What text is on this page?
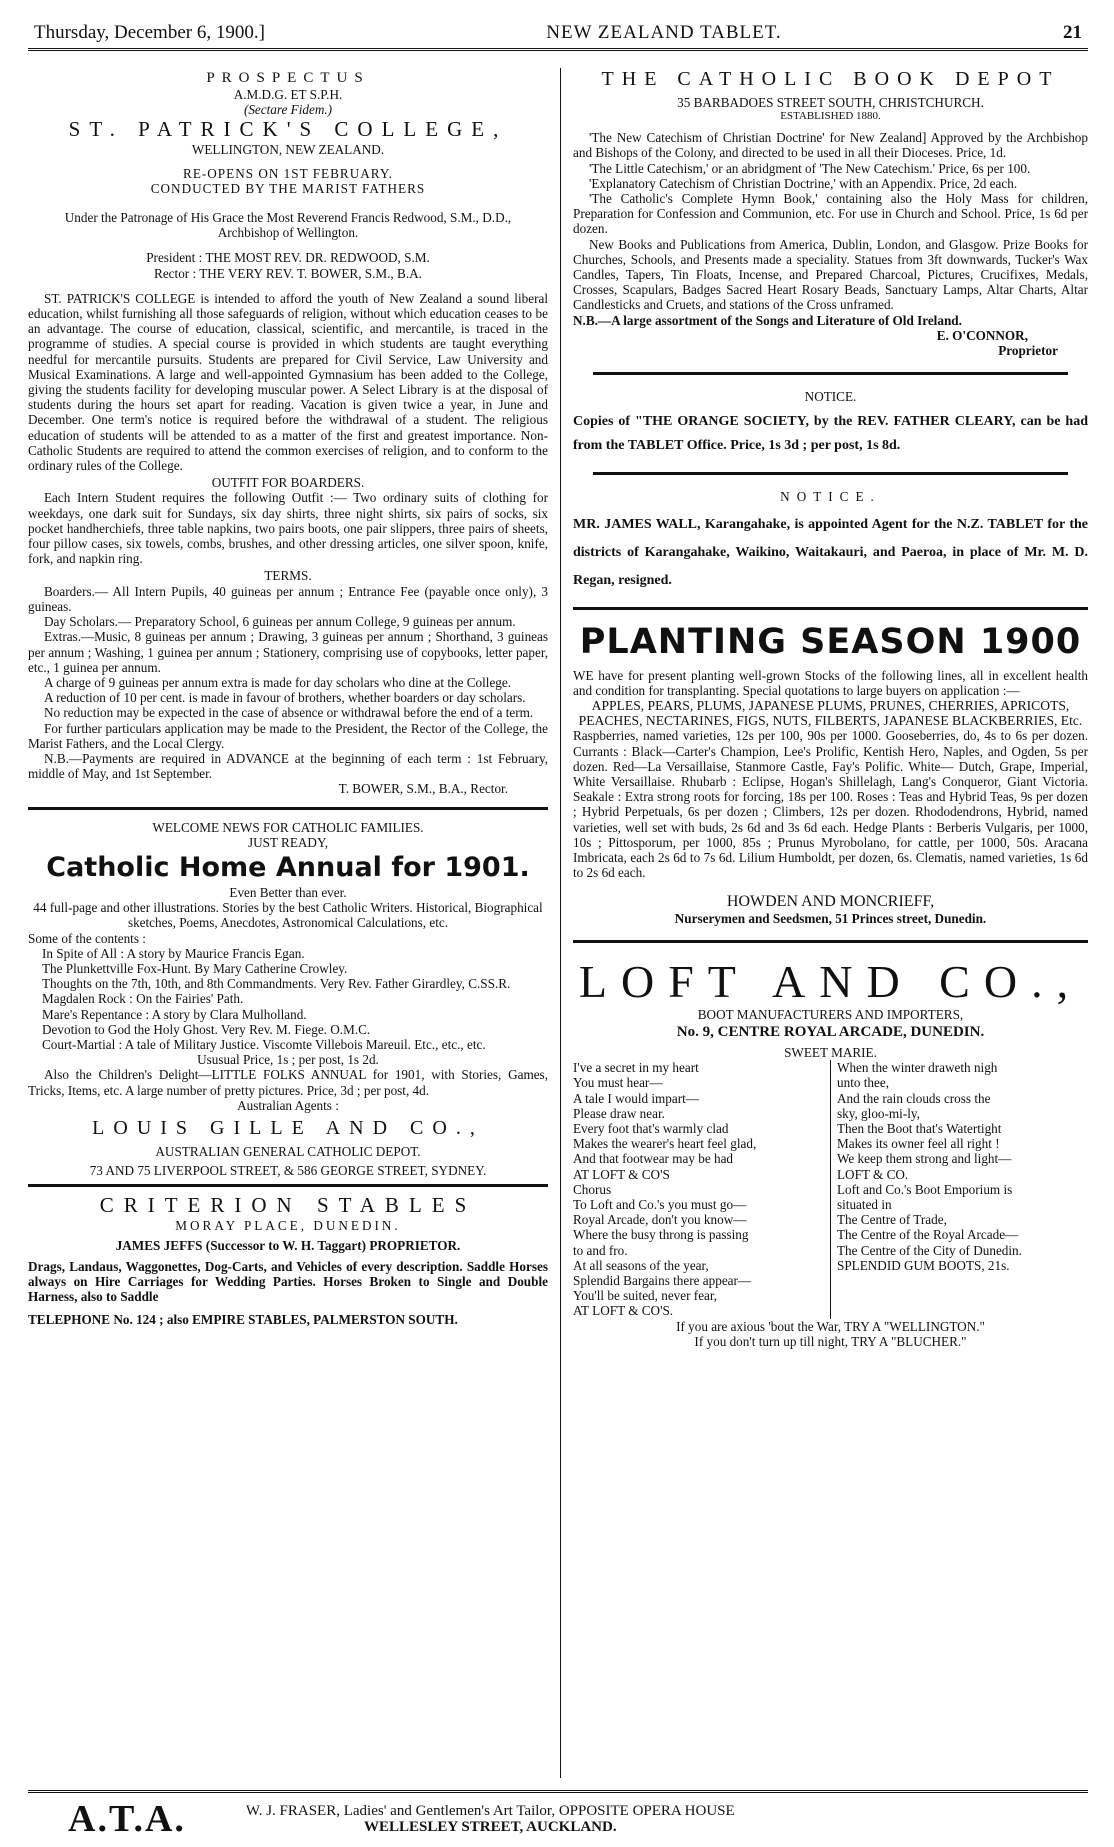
Thursday, December 6, 1900.]	NEW ZEALAND TABLET.	21

PROSPECTUS

A.M.D.G. ET S.P.H.

(Sectare Fidem.)

ST. PATRICK'S COLLEGE,

WELLINGTON, NEW ZEALAND.

RE-OPENS ON 1ST FEBRUARY.

CONDUCTED BY THE MARIST FATHERS

Under the Patronage of His Grace the Most Reverend Francis Redwood, S.M., D.D., Archbishop of Wellington.

President : THE MOST REV. DR. REDWOOD, S.M.

Rector : THE VERY REV. T. BOWER, S.M., B.A.

ST. PATRICK'S COLLEGE is intended to afford the youth of New Zealand a sound liberal education, whilst furnishing all those safeguards of religion, without which education ceases to be an advantage. The course of education, classical, scientific, and mercantile, is traced in the programme of studies. A special course is provided in which students are taught everything needful for mercantile pursuits. Students are prepared for Civil Service, Law University and Musical Examinations. A large and well-appointed Gymnasium has been added to the College, giving the students facility for developing muscular power. A Select Library is at the disposal of students during the hours set apart for reading. Vacation is given twice a year, in June and December. One term's notice is required before the withdrawal of a student. The religious education of students will be attended to as a matter of the first and greatest importance. Non-Catholic Students are required to attend the common exercises of religion, and to conform to the ordinary rules of the College.

OUTFIT FOR BOARDERS.

Each Intern Student requires the following Outfit :— Two ordinary suits of clothing for weekdays, one dark suit for Sundays, six day shirts, three night shirts, six pairs of socks, six pocket handherchiefs, three table napkins, two pairs boots, one pair slippers, three pairs of sheets, four pillow cases, six towels, combs, brushes, and other dressing articles, one silver spoon, knife, fork, and napkin ring.

TERMS.

Boarders.— All Intern Pupils, 40 guineas per annum ; Entrance Fee (payable once only), 3 guineas.

Day Scholars.— Preparatory School, 6 guineas per annum College, 9 guineas per annum.

Extras.—Music, 8 guineas per annum ; Drawing, 3 guineas per annum ; Shorthand, 3 guineas per annum ; Washing, 1 guinea per annum ; Stationery, comprising use of copybooks, letter paper, etc., 1 guinea per annum.

A charge of 9 guineas per annum extra is made for day scholars who dine at the College.

A reduction of 10 per cent. is made in favour of brothers, whether boarders or day scholars.

No reduction may be expected in the case of absence or withdrawal before the end of a term.

For further particulars application may be made to the President, the Rector of the College, the Marist Fathers, and the Local Clergy.

N.B.—Payments are required in ADVANCE at the beginning of each term : 1st February, middle of May, and 1st September.

T. BOWER, S.M., B.A., Rector.

WELCOME NEWS FOR CATHOLIC FAMILIES.

JUST READY,

Catholic Home Annual for 1901.

Even Better than ever.

44 full-page and other illustrations. Stories by the best Catholic Writers. Historical, Biographical sketches, Poems, Anecdotes, Astronomical Calculations, etc.

Some of the contents :

In Spite of All : A story by Maurice Francis Egan.

The Plunkettville Fox-Hunt. By Mary Catherine Crowley.

Thoughts on the 7th, 10th, and 8th Commandments. Very Rev. Father Girardley, C.SS.R.

Magdalen Rock : On the Fairies' Path.

Mare's Repentance : A story by Clara Mulholland.

Devotion to God the Holy Ghost. Very Rev. M. Fiege. O.M.C.

Court-Martial : A tale of Military Justice. Viscomte Villebois Mareuil. Etc., etc., etc.

Ususual Price, 1s ; per post, 1s 2d.

Also the Children's Delight—LITTLE FOLKS ANNUAL for 1901, with Stories, Games, Tricks, Items, etc. A large number of pretty pictures. Price, 3d ; per post, 4d.

Australian Agents :

LOUIS GILLE AND CO.,

AUSTRALIAN GENERAL CATHOLIC DEPOT.

73 AND 75 LIVERPOOL STREET, & 586 GEORGE STREET, SYDNEY.

CRITERION STABLES

MORAY PLACE, DUNEDIN.

JAMES JEFFS (Successor to W. H. Taggart) PROPRIETOR.

Drags, Landaus, Waggonettes, Dog-Carts, and Vehicles of every description. Saddle Horses always on Hire Carriages for Wedding Parties. Horses Broken to Single and Double Harness, also to Saddle

TELEPHONE No. 124 ; also EMPIRE STABLES, PALMERSTON SOUTH.

THE CATHOLIC BOOK DEPOT

35 BARBADOES STREET SOUTH, CHRISTCHURCH.

ESTABLISHED 1880.

'The New Catechism of Christian Doctrine' for New Zealand] Approved by the Archbishop and Bishops of the Colony, and directed to be used in all their Dioceses. Price, 1d.

'The Little Catechism,' or an abridgment of 'The New Catechism.' Price, 6s per 100.

'Explanatory Catechism of Christian Doctrine,' with an Appendix. Price, 2d each.

'The Catholic's Complete Hymn Book,' containing also the Holy Mass for children, Preparation for Confession and Communion, etc. For use in Church and School. Price, 1s 6d per dozen.

New Books and Publications from America, Dublin, London, and Glasgow. Prize Books for Churches, Schools, and Presents made a speciality. Statues from 3ft downwards, Tucker's Wax Candles, Tapers, Tin Floats, Incense, and Prepared Charcoal, Pictures, Crucifixes, Medals, Crosses, Scapulars, Badges Sacred Heart Rosary Beads, Sanctuary Lamps, Altar Charts, Altar Candlesticks and Cruets, and stations of the Cross unframed.

N.B.—A large assortment of the Songs and Literature of Old Ireland.

E. O'CONNOR,

Proprietor

NOTICE.

Copies of "THE ORANGE SOCIETY, by the REV. FATHER CLEARY, can be had from the TABLET Office. Price, 1s 3d ; per post, 1s 8d.

NOTICE.

MR. JAMES WALL, Karangahake, is appointed Agent for the N.Z. TABLET for the districts of Karangahake, Waikino, Waitakauri, and Paeroa, in place of Mr. M. D. Regan, resigned.

PLANTING SEASON 1900

WE have for present planting well-grown Stocks of the following lines, all in excellent health and condition for transplanting. Special quotations to large buyers on application :—

APPLES, PEARS, PLUMS, JAPANESE PLUMS, PRUNES, CHERRIES, APRICOTS, PEACHES, NECTARINES, FIGS, NUTS, FILBERTS, JAPANESE BLACKBERRIES, Etc.

Raspberries, named varieties, 12s per 100, 90s per 1000. Gooseberries, do, 4s to 6s per dozen. Currants : Black—Carter's Champion, Lee's Prolific, Kentish Hero, Naples, and Ogden, 5s per dozen. Red—La Versaillaise, Stanmore Castle, Fay's Polific. White— Dutch, Grape, Imperial, White Versaillaise. Rhubarb : Eclipse, Hogan's Shillelagh, Lang's Conqueror, Giant Victoria. Seakale : Extra strong roots for forcing, 18s per 100. Roses : Teas and Hybrid Teas, 9s per dozen ; Hybrid Perpetuals, 6s per dozen ; Climbers, 12s per dozen. Rhododendrons, Hybrid, named varieties, well set with buds, 2s 6d and 3s 6d each. Hedge Plants : Berberis Vulgaris, per 1000, 10s ; Pittosporum, per 1000, 85s ; Prunus Myrobolano, for cattle, per 1000, 50s. Aracana Imbricata, each 2s 6d to 7s 6d. Lilium Humboldt, per dozen, 6s. Clematis, named varieties, 1s 6d to 2s 6d each.

HOWDEN AND MONCRIEFF,

Nurserymen and Seedsmen, 51 Princes street, Dunedin.

LOFT AND CO.,

BOOT MANUFACTURERS AND IMPORTERS,

No. 9, CENTRE ROYAL ARCADE, DUNEDIN.

SWEET MARIE.

I've a secret in my heart

You must hear—

A tale I would impart—

Please draw near.

Every foot that's warmly clad

Makes the wearer's heart feel glad,

And that footwear may be had

AT LOFT & CO'S

Chorus

To Loft and Co.'s you must go—

Royal Arcade, don't you know—

Where the busy throng is passing

to and fro.

At all seasons of the year,

Splendid Bargains there appear—

You'll be suited, never fear,

AT LOFT & CO'S.

When the winter draweth nigh

unto thee,

And the rain clouds cross the

sky, gloo-mi-ly,

Then the Boot that's Watertight

Makes its owner feel all right !

We keep them strong and light—

LOFT & CO.

Loft and Co.'s Boot Emporium is

situated in

The Centre of Trade,

The Centre of the Royal Arcade—

The Centre of the City of Dunedin.

SPLENDID GUM BOOTS, 21s.

If you are axious 'bout the War, TRY A "WELLINGTON."

If you don't turn up till night, TRY A "BLUCHER."

A.T.A.	W. J. FRASER, Ladies' and Gentlemen's Art Tailor, OPPOSITE OPERA HOUSE

WELLESLEY STREET, AUCKLAND.
